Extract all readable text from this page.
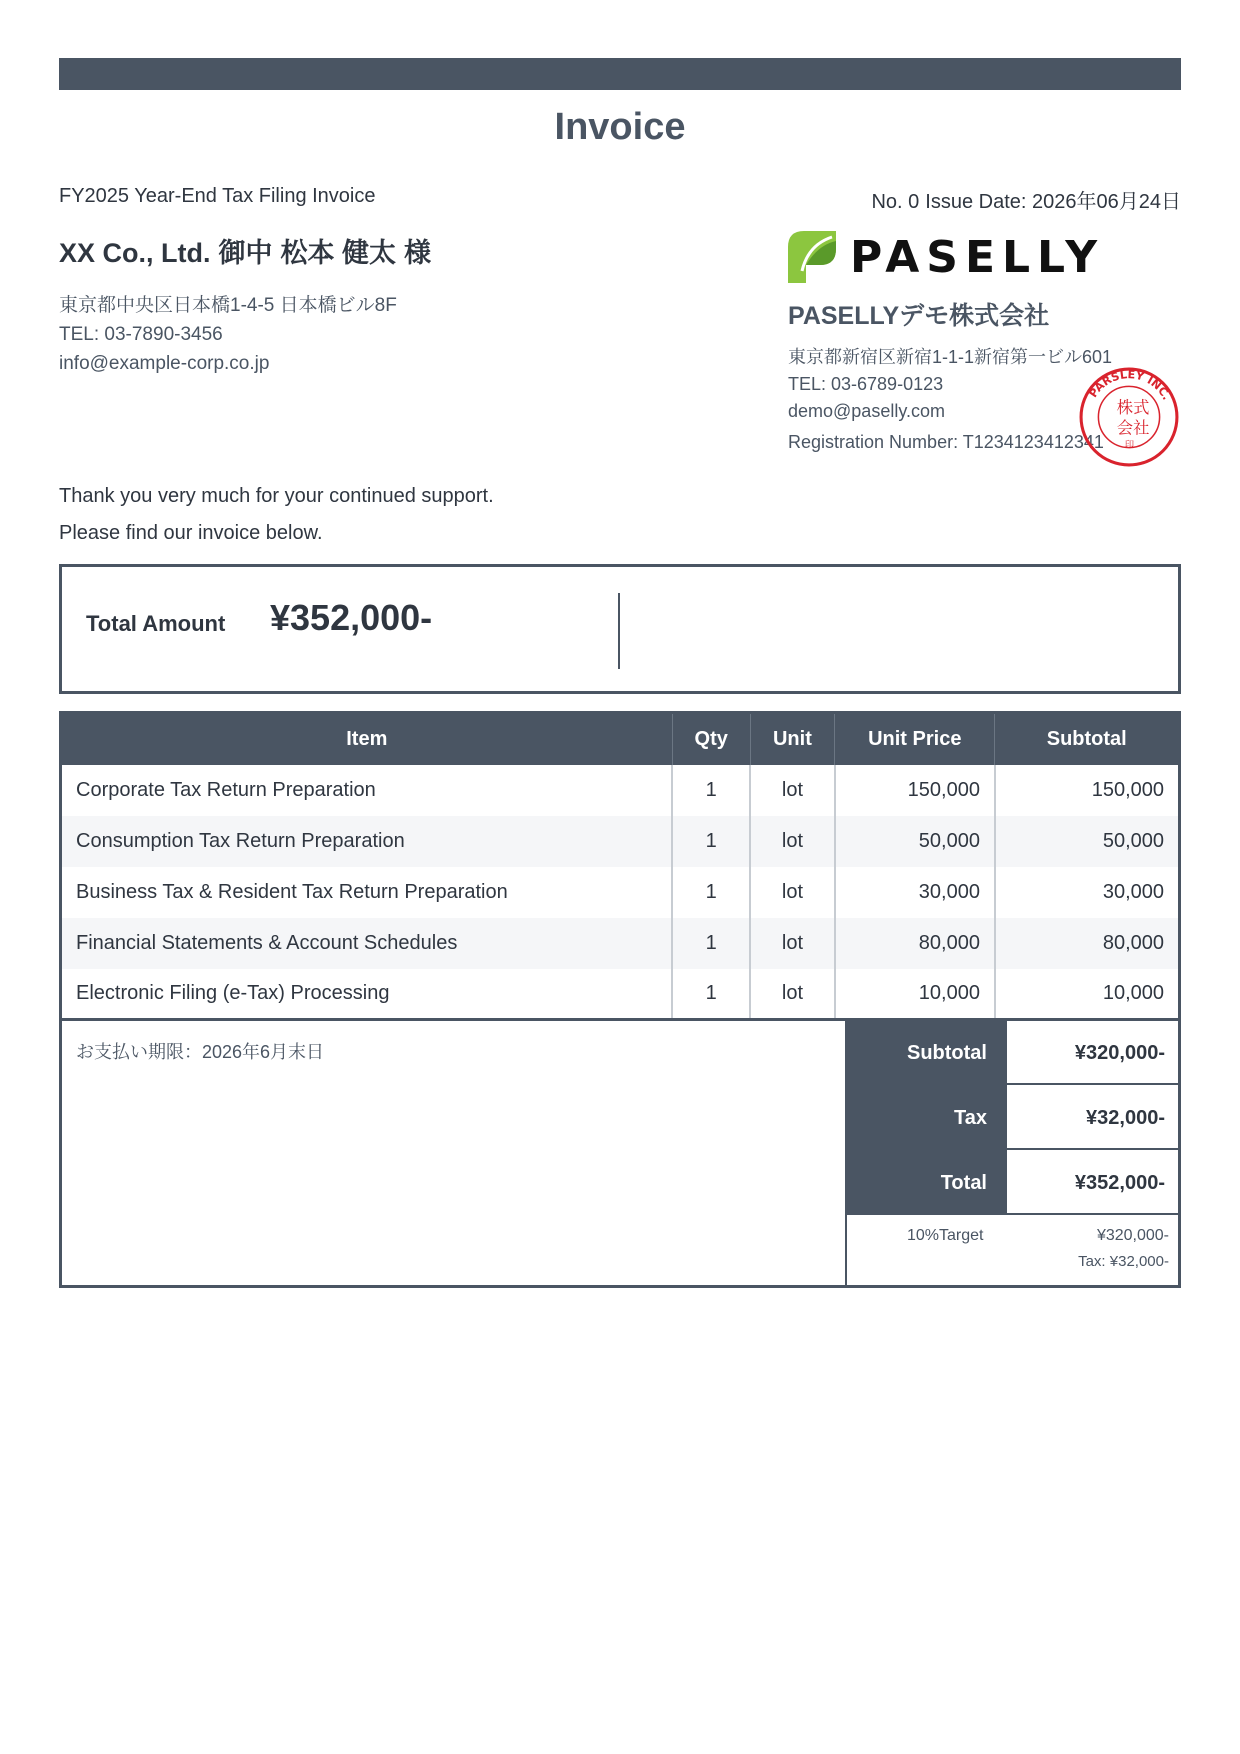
Invoice
FY2025 Year-End Tax Filing Invoice	No. 0 Issue Date: 2026年06月24日
XX Co., Ltd. 御中 松本 健太 様
東京都中央区日本橋1-4-5 日本橋ビル8F
TEL: 03-7890-3456
info@example-corp.co.jp
PASELLY
PASELLYデモ株式会社
東京都新宿区新宿1-1-1新宿第一ビル601
TEL: 03-6789-0123
demo@paselly.com
Registration Number: T1234123412341
PARSLEY INC.
株 式
会 社
印
Thank you very much for your continued support.
Please find our invoice below.
Total Amount ¥352,000-
Item	Qty	Unit	Unit Price	Subtotal
Corporate Tax Return Preparation	1	lot	150,000	150,000
Consumption Tax Return Preparation	1	lot	50,000	50,000
Business Tax & Resident Tax Return Preparation	1	lot	30,000	30,000
Financial Statements & Account Schedules	1	lot	80,000	80,000
Electronic Filing (e-Tax) Processing	1	lot	10,000	10,000
お支払い期限：2026年6月末日	Subtotal	¥320,000-
Tax	¥32,000-
Total	¥352,000-
10%Target	¥320,000-
Tax: ¥32,000-
